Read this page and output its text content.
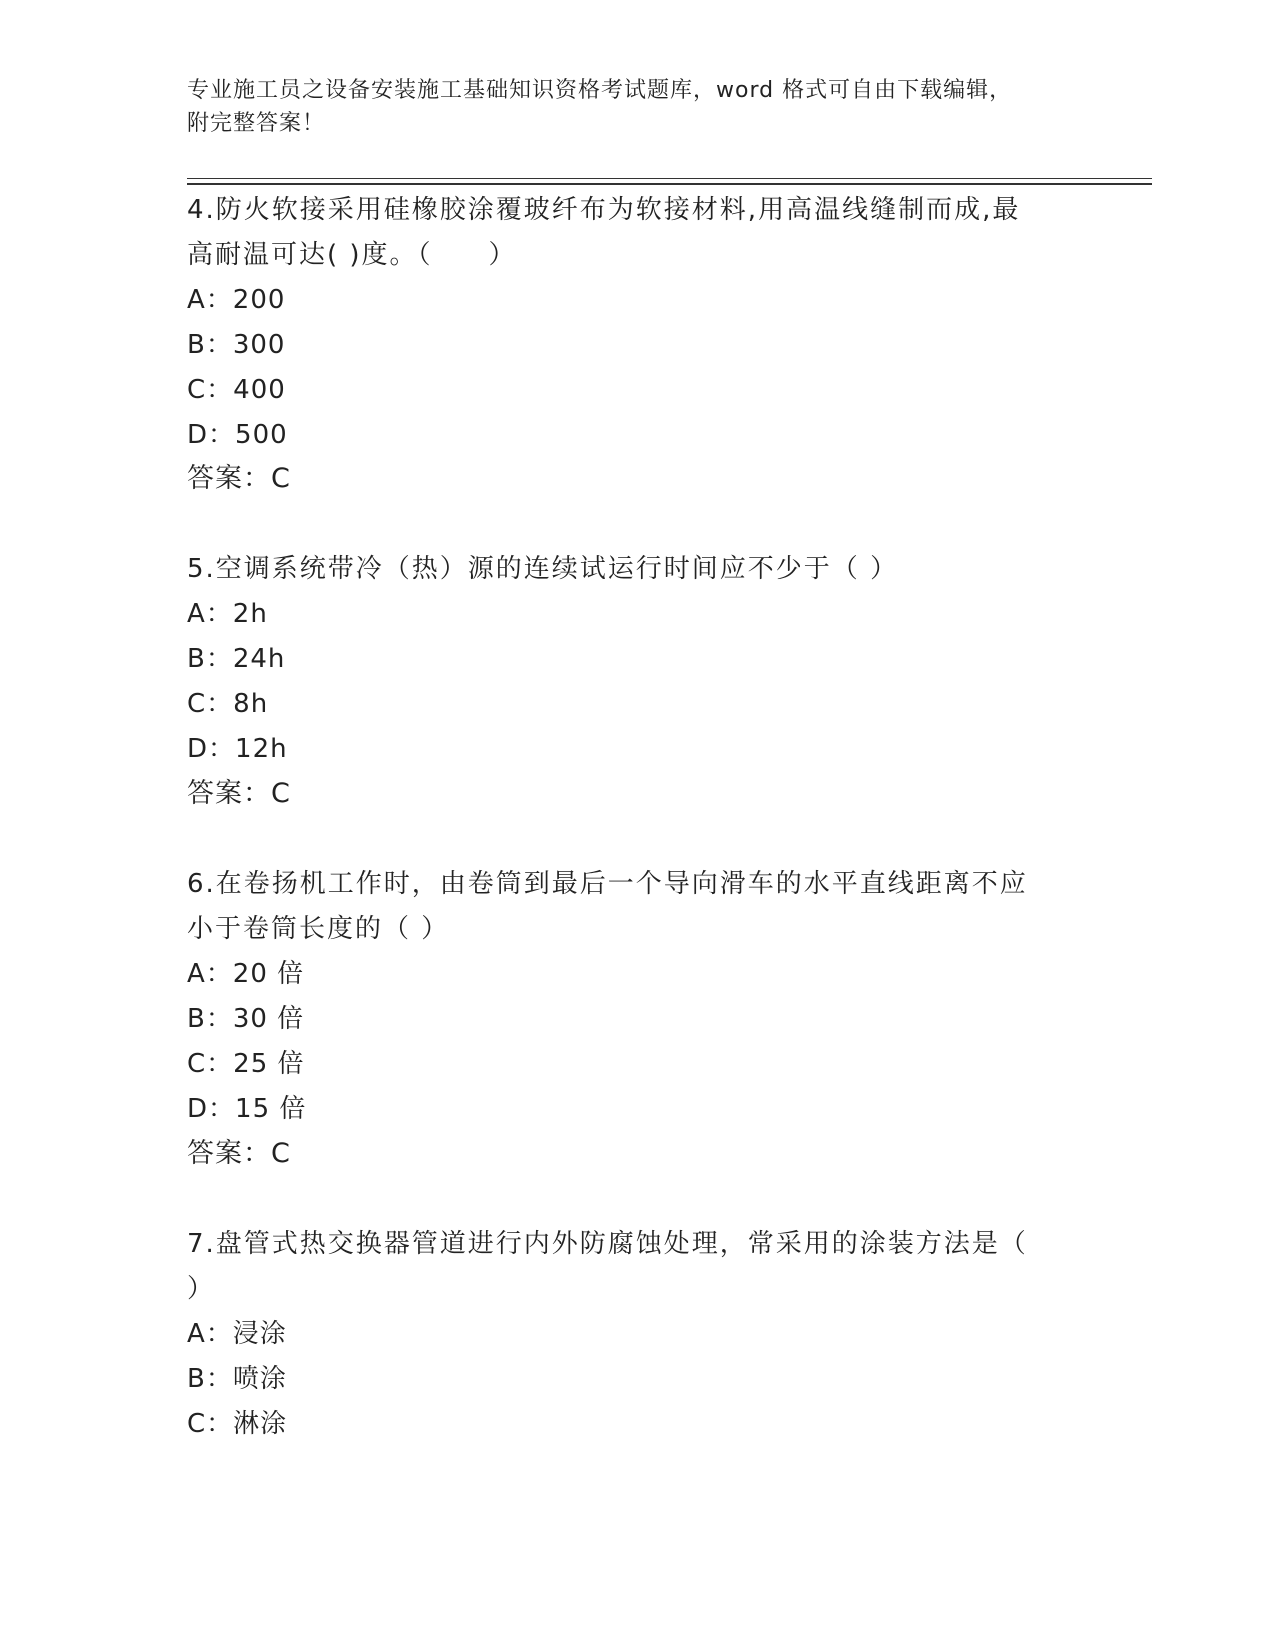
专业施工员之设备安装施工基础知识资格考试题库，word 格式可自由下载编辑，
附完整答案！
4.防火软接采用硅橡胶涂覆玻纤布为软接材料,用高温线缝制而成,最
高耐温可达( )度。（　　）
A：200
B：300
C：400
D：500
答案：C
5.空调系统带冷（热）源的连续试运行时间应不少于（ ）
A：2h
B：24h
C：8h
D：12h
答案：C
6.在卷扬机工作时，由卷筒到最后一个导向滑车的水平直线距离不应
小于卷筒长度的（ ）
A：20 倍
B：30 倍
C：25 倍
D：15 倍
答案：C
7.盘管式热交换器管道进行内外防腐蚀处理，常采用的涂装方法是（
）
A：浸涂
B：喷涂
C：淋涂
